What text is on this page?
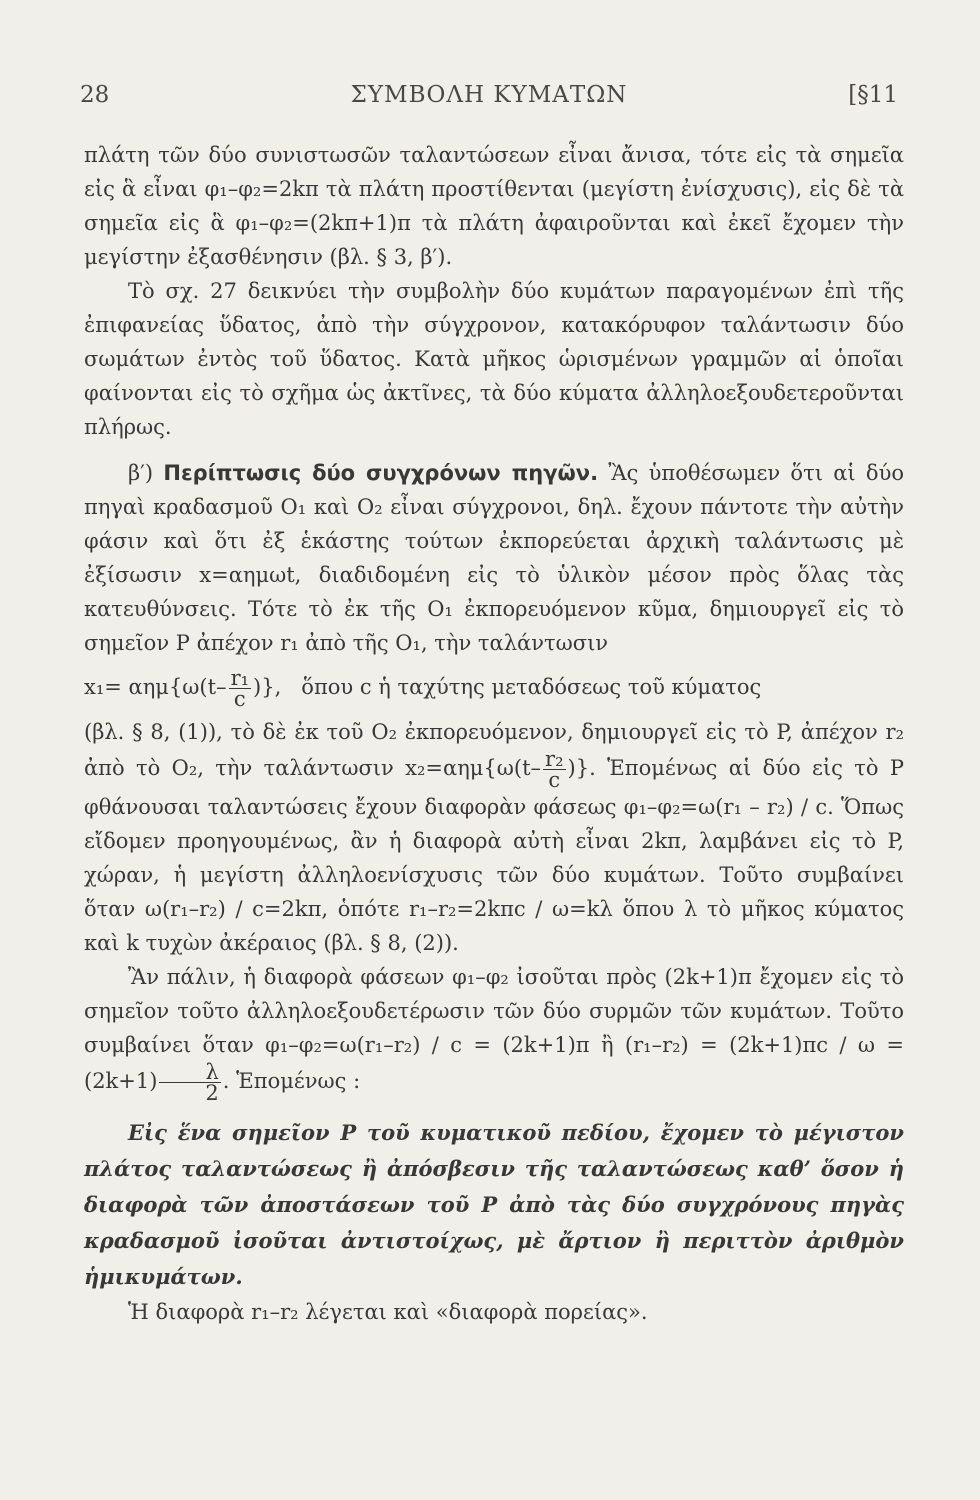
28	ΣΥΜΒΟΛΗ ΚΥΜΑΤΩΝ	[§11

πλάτη τῶν δύο συνιστωσῶν ταλαντώσεων εἶναι ἄνισα, τότε εἰς τὰ σημεῖα εἰς ἃ εἶναι φ₁–φ₂=2kπ τὰ πλάτη προστίθενται (μεγίστη ἐνίσχυσις), εἰς δὲ τὰ σημεῖα εἰς ἃ φ₁–φ₂=(2kπ+1)π τὰ πλάτη ἀφαιροῦνται καὶ ἐκεῖ ἔχομεν τὴν μεγίστην ἐξασθένησιν (βλ. § 3, β′).

Τὸ σχ. 27 δεικνύει τὴν συμβολὴν δύο κυμάτων παραγομένων ἐπὶ τῆς ἐπιφανείας ὕδατος, ἀπὸ τὴν σύγχρονον, κατακόρυφον ταλάντωσιν δύο σωμάτων ἐντὸς τοῦ ὕδατος. Κατὰ μῆκος ὡρισμένων γραμμῶν αἱ ὁποῖαι φαίνονται εἰς τὸ σχῆμα ὡς ἀκτῖνες, τὰ δύο κύματα ἀλληλοεξουδετεροῦνται πλήρως.

β′) Περίπτωσις δύο συγχρόνων πηγῶν. Ἂς ὑποθέσωμεν ὅτι αἱ δύο πηγαὶ κραδασμοῦ O₁ καὶ O₂ εἶναι σύγχρονοι, δηλ. ἔχουν πάντοτε τὴν αὐτὴν φάσιν καὶ ὅτι ἐξ ἑκάστης τούτων ἐκπορεύεται ἀρχικὴ ταλάντωσις μὲ ἐξίσωσιν x=αημωt, διαδιδομένη εἰς τὸ ὑλικὸν μέσον πρὸς ὅλας τὰς κατευθύνσεις. Τότε τὸ ἐκ τῆς O₁ ἐκπορευόμενον κῦμα, δημιουργεῖ εἰς τὸ σημεῖον P ἀπέχον r₁ ἀπὸ τῆς O₁, τὴν ταλάντωσιν

$x_1= \alpha\eta\mu\{\omega(t- \frac{\text{r₁}}{c}$ )}, ὅπου c ἡ ταχύτης μεταδόσεως τοῦ κύματος

(βλ. § 8, (1)), τὸ δὲ ἐκ τοῦ O₂ ἐκπορευόμενον, δημιουργεῖ εἰς τὸ P, ἀπέχον r₂ ἀπὸ τὸ O₂, τὴν ταλάντωσιν $x_2=\alpha\eta\mu\{\omega(t- \frac{\text{r₂}}{c}$ )}. Ἑπομένως αἱ δύο εἰς τὸ P φθάνουσαι ταλαντώσεις ἔχουν διαφορὰν φάσεως φ₁–φ₂=ω(r₁ – r₂) / c. Ὅπως εἴδομεν προηγουμένως, ἂν ἡ διαφορὰ αὐτὴ εἶναι 2kπ, λαμβάνει εἰς τὸ P, χώραν, ἡ μεγίστη ἀλληλοενίσχυσις τῶν δύο κυμάτων. Τοῦτο συμβαίνει ὅταν ω(r₁–r₂) / c=2kπ, ὁπότε r₁–r₂=2kπc / ω=kλ ὅπου λ τὸ μῆκος κύματος καὶ k τυχὼν ἀκέραιος (βλ. § 8, (2)).

Ἂν πάλιν, ἡ διαφορὰ φάσεων φ₁–φ₂ ἰσοῦται πρὸς (2k+1)π ἔχομεν εἰς τὸ σημεῖον τοῦτο ἀλληλοεξουδετέρωσιν τῶν δύο συρμῶν τῶν κυμάτων. Τοῦτο συμβαίνει ὅταν φ₁–φ₂=ω(r₁–r₂) / c = (2k+1)π ἢ $(r_1-r_2) = (2k+1)\pi c / \omega = (2k+1) \frac{\lambda}{2}$ . Ἑπομένως :

Εἰς ἕνα σημεῖον P τοῦ κυματικοῦ πεδίου, ἔχομεν τὸ μέγιστον πλάτος ταλαντώσεως ἢ ἀπόσβεσιν τῆς ταλαντώσεως καθ’ ὅσον ἡ διαφορὰ τῶν ἀποστάσεων τοῦ P ἀπὸ τὰς δύο συγχρόνους πηγὰς κραδασμοῦ ἰσοῦται ἀντιστοίχως, μὲ ἄρτιον ἢ περιττὸν ἀριθμὸν ἡμικυμάτων.

Ἡ διαφορὰ r₁–r₂ λέγεται καὶ «διαφορὰ πορείας».
